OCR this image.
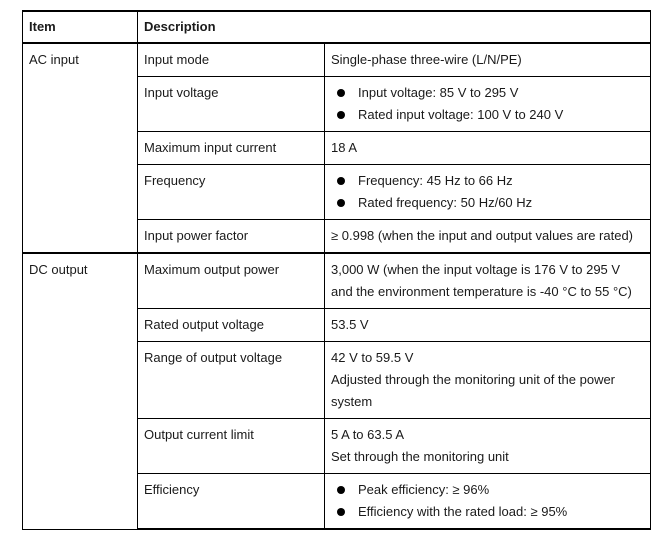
Item	Description	
AC input	Input mode	Single-phase three-wire (L/N/PE)

	Input voltage	Input voltage: 85 V to 295 V
Rated input voltage: 100 V to 240 V

	Maximum input current	18 A

	Frequency	Frequency: 45 Hz to 66 Hz
Rated frequency: 50 Hz/60 Hz

	Input power factor	≥ 0.998 (when the input and output values are rated)

DC output	Maximum output power	3,000 W (when the input voltage is 176 V to 295 V and the environment temperature is -40 °C to 55 °C)

	Rated output voltage	53.5 V

	Range of output voltage	42 V to 59.5 V
Adjusted through the monitoring unit of the power system

	Output current limit	5 A to 63.5 A
Set through the monitoring unit

	Efficiency	Peak efficiency: ≥ 96%
Efficiency with the rated load: ≥ 95%
